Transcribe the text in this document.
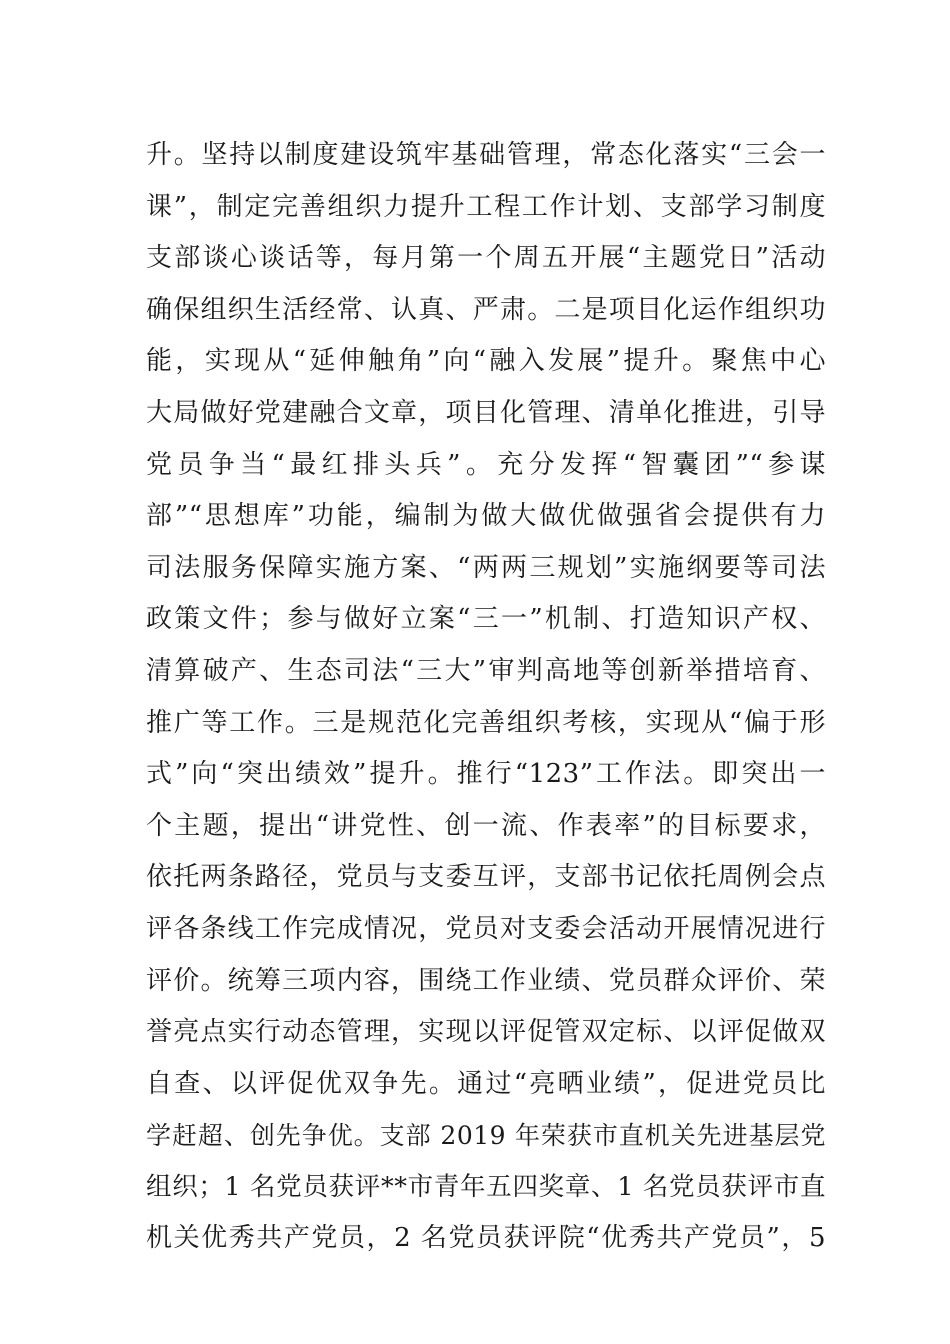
升。坚持以制度建设筑牢基础管理，常态化落实“三会一
课”，制定完善组织力提升工程工作计划、支部学习制度
支部谈心谈话等，每月第一个周五开展“主题党日”活动
确保组织生活经常、认真、严肃。二是项目化运作组织功
能，实现从“延伸触角”向“融入发展”提升。聚焦中心
大局做好党建融合文章，项目化管理、清单化推进，引导
党员争当“最红排头兵”。充分发挥“智囊团”“参谋
部”“思想库”功能，编制为做大做优做强省会提供有力
司法服务保障实施方案、“两两三规划”实施纲要等司法
政策文件；参与做好立案“三一”机制、打造知识产权、
清算破产、生态司法“三大”审判高地等创新举措培育、
推广等工作。三是规范化完善组织考核，实现从“偏于形
式”向“突出绩效”提升。推行“123”工作法。即突出一
个主题，提出“讲党性、创一流、作表率”的目标要求，
依托两条路径，党员与支委互评，支部书记依托周例会点
评各条线工作完成情况，党员对支委会活动开展情况进行
评价。统筹三项内容，围绕工作业绩、党员群众评价、荣
誉亮点实行动态管理，实现以评促管双定标、以评促做双
自查、以评促优双争先。通过“亮晒业绩”，促进党员比
学赶超、创先争优。支部 2019 年荣获市直机关先进基层党
组织；1 名党员获评**市青年五四奖章、1 名党员获评市直
机关优秀共产党员，2 名党员获评院“优秀共产党员”，5
